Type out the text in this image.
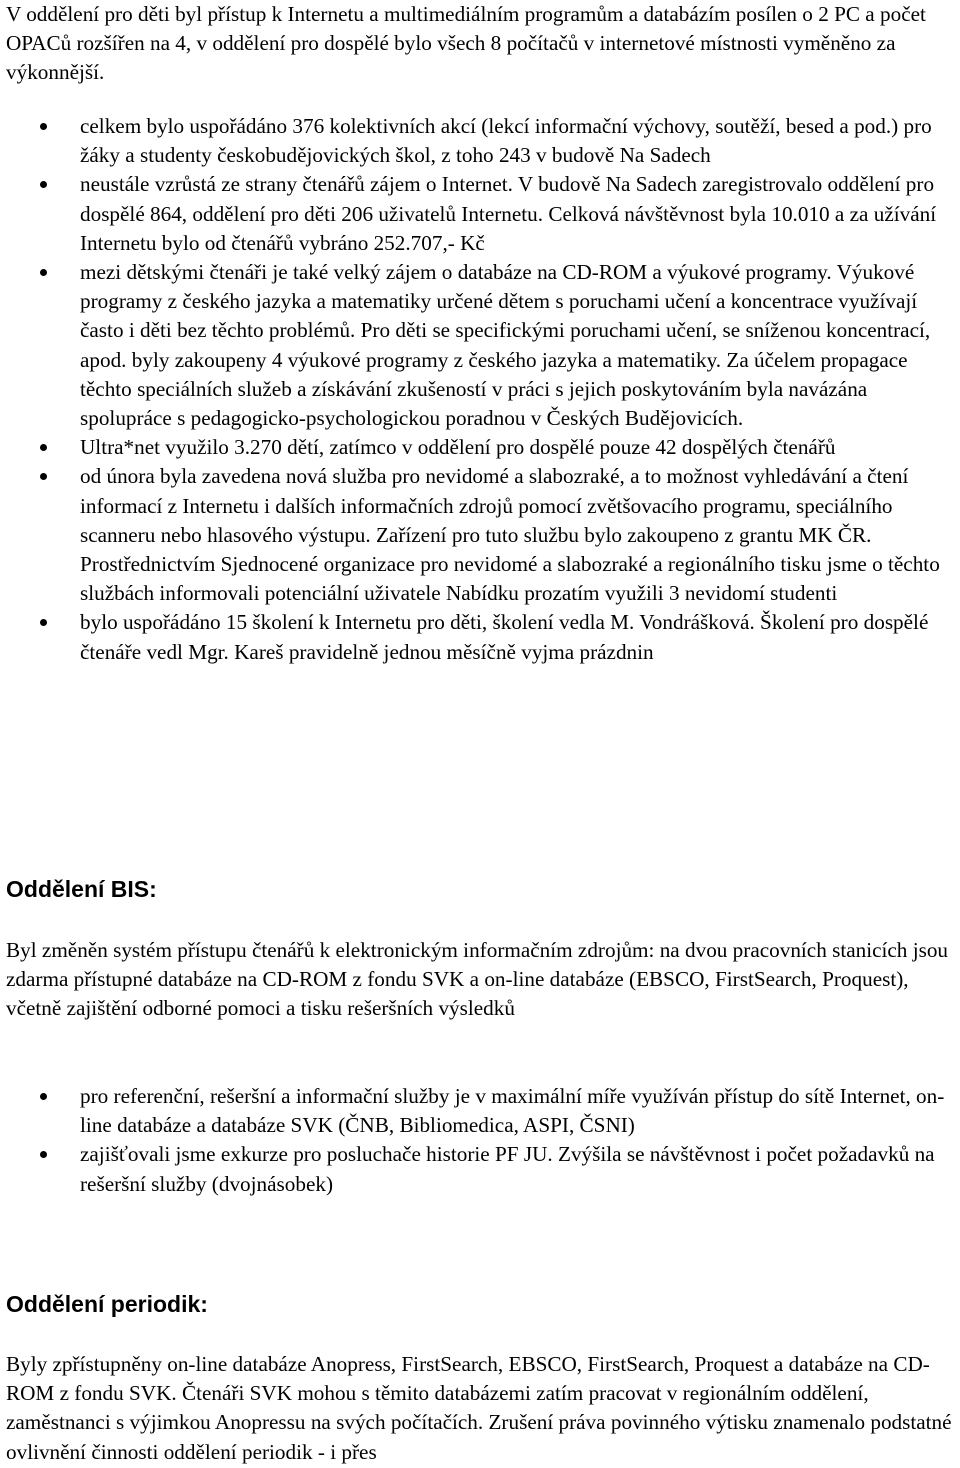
V oddělení pro děti byl přístup k Internetu a multimediálním programům a databázím posílen o 2 PC a počet OPACů rozšířen na 4, v oddělení pro dospělé bylo všech 8 počítačů v internetové místnosti vyměněno za výkonnější.

celkem bylo uspořádáno 376 kolektivních akcí (lekcí informační výchovy, soutěží, besed a pod.) pro žáky a studenty českobudějovických škol, z toho 243 v budově Na Sadech
neustále vzrůstá ze strany čtenářů zájem o Internet. V budově Na Sadech zaregistrovalo oddělení pro dospělé 864, oddělení pro děti 206 uživatelů Internetu. Celková návštěvnost byla 10.010 a za užívání Internetu bylo od čtenářů vybráno 252.707,- Kč
mezi dětskými čtenáři je také velký zájem o databáze na CD-ROM a výukové programy. Výukové programy z českého jazyka a matematiky určené dětem s poruchami učení a koncentrace využívají často i děti bez těchto problémů. Pro děti se specifickými poruchami učení, se sníženou koncentrací, apod. byly zakoupeny 4 výukové programy z českého jazyka a matematiky. Za účelem propagace těchto speciálních služeb a získávání zkušeností v práci s jejich poskytováním byla navázána spolupráce s pedagogicko-psychologickou poradnou v Českých Budějovicích.
Ultra*net využilo 3.270 dětí, zatímco v oddělení pro dospělé pouze 42 dospělých čtenářů
od února byla zavedena nová služba pro nevidomé a slabozraké, a to možnost vyhledávání a čtení informací z Internetu i dalších informačních zdrojů pomocí zvětšovacího programu, speciálního scanneru nebo hlasového výstupu. Zařízení pro tuto službu bylo zakoupeno z grantu MK ČR. Prostřednictvím Sjednocené organizace pro nevidomé a slabozraké a regionálního tisku jsme o těchto službách informovali potenciální uživatele Nabídku prozatím využili 3 nevidomí studenti
bylo uspořádáno 15 školení k Internetu pro děti, školení vedla M. Vondrášková. Školení pro dospělé čtenáře vedl Mgr. Kareš pravidelně jednou měsíčně vyjma prázdnin
Oddělení BIS:

Byl změněn systém přístupu čtenářů k elektronickým informačním zdrojům: na dvou pracovních stanicích jsou zdarma přístupné databáze na CD-ROM z fondu SVK a on-line databáze (EBSCO, FirstSearch, Proquest), včetně zajištění odborné pomoci a tisku rešeršních výsledků

pro referenční, rešeršní a informační služby je v maximální míře využíván přístup do sítě Internet, on-line databáze a databáze SVK (ČNB, Bibliomedica, ASPI, ČSNI)
zajišťovali jsme exkurze pro posluchače historie PF JU. Zvýšila se návštěvnost i počet požadavků na rešeršní služby (dvojnásobek)
Oddělení periodik:

Byly zpřístupněny on-line databáze Anopress, FirstSearch, EBSCO, FirstSearch, Proquest a databáze na CD-ROM z fondu SVK. Čtenáři SVK mohou s těmito databázemi zatím pracovat v regionálním oddělení, zaměstnanci s výjimkou Anopressu na svých počítačích. Zrušení práva povinného výtisku znamenalo podstatné ovlivnění činnosti oddělení periodik - i přes
